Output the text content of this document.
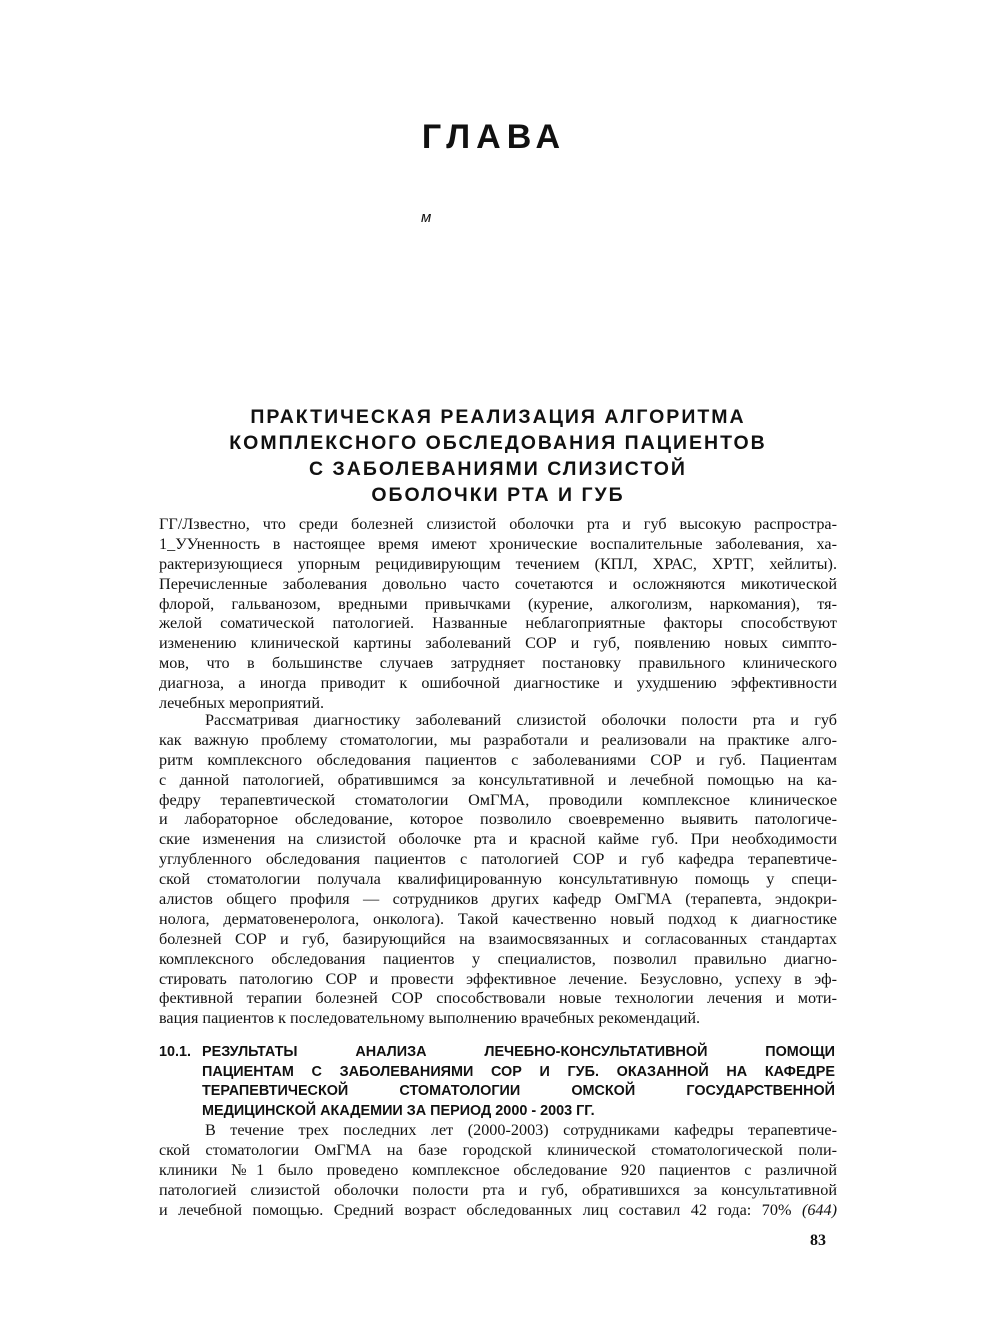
ГЛАВА
м
ПРАКТИЧЕСКАЯ РЕАЛИЗАЦИЯ АЛГОРИТМА
КОМПЛЕКСНОГО ОБСЛЕДОВАНИЯ ПАЦИЕНТОВ
С ЗАБОЛЕВАНИЯМИ СЛИЗИСТОЙ
ОБОЛОЧКИ РТА И ГУБ
ГГ/Лзвестно, что среди болезней слизистой оболочки рта и губ высокую распростра-
1_УУненность в настоящее время имеют хронические воспалительные заболевания, ха-
рактеризующиеся упорным рецидивирующим течением (КПЛ, ХРАС, ХРТГ, хейлиты).
Перечисленные заболевания довольно часто сочетаются и осложняются микотической
флорой, гальванозом, вредными привычками (курение, алкоголизм, наркомания), тя-
желой соматической патологией. Названные неблагоприятные факторы способствуют
изменению клинической картины заболеваний СОР и губ, появлению новых симпто-
мов, что в большинстве случаев затрудняет постановку правильного клинического
диагноза, а иногда приводит к ошибочной диагностике и ухудшению эффективности
лечебных мероприятий.
Рассматривая диагностику заболеваний слизистой оболочки полости рта и губ
как важную проблему стоматологии, мы разработали и реализовали на практике алго-
ритм комплексного обследования пациентов с заболеваниями СОР и губ. Пациентам
с данной патологией, обратившимся за консультативной и лечебной помощью на ка-
федру терапевтической стоматологии ОмГМА, проводили комплексное клиническое
и лабораторное обследование, которое позволило своевременно выявить патологиче-
ские изменения на слизистой оболочке рта и красной кайме губ. При необходимости
углубленного обследования пациентов с патологией СОР и губ кафедра терапевтиче-
ской стоматологии получала квалифицированную консультативную помощь у специ-
алистов общего профиля — сотрудников других кафедр ОмГМА (терапевта, эндокри-
нолога, дерматовенеролога, онколога). Такой качественно новый подход к диагностике
болезней СОР и губ, базирующийся на взаимосвязанных и согласованных стандартах
комплексного обследования пациентов у специалистов, позволил правильно диагно-
стировать патологию СОР и провести эффективное лечение. Безусловно, успеху в эф-
фективной терапии болезней СОР способствовали новые технологии лечения и моти-
вация пациентов к последовательному выполнению врачебных рекомендаций.
10.1. РЕЗУЛЬТАТЫ АНАЛИЗА ЛЕЧЕБНО-КОНСУЛЬТАТИВНОЙ ПОМОЩИ
ПАЦИЕНТАМ С ЗАБОЛЕВАНИЯМИ СОР И ГУБ. ОКАЗАННОЙ НА КАФЕДРЕ
ТЕРАПЕВТИЧЕСКОЙ СТОМАТОЛОГИИ ОМСКОЙ ГОСУДАРСТВЕННОЙ
МЕДИЦИНСКОЙ АКАДЕМИИ ЗА ПЕРИОД 2000 - 2003 ГГ.
В течение трех последних лет (2000-2003) сотрудниками кафедры терапевтиче-
ской стоматологии ОмГМА на базе городской клинической стоматологической поли-
клиники №1 было проведено комплексное обследование 920 пациентов с различной
патологией слизистой оболочки полости рта и губ, обратившихся за консультативной
и лечебной помощью. Средний возраст обследованных лиц составил 42 года: 70% (644)
83
